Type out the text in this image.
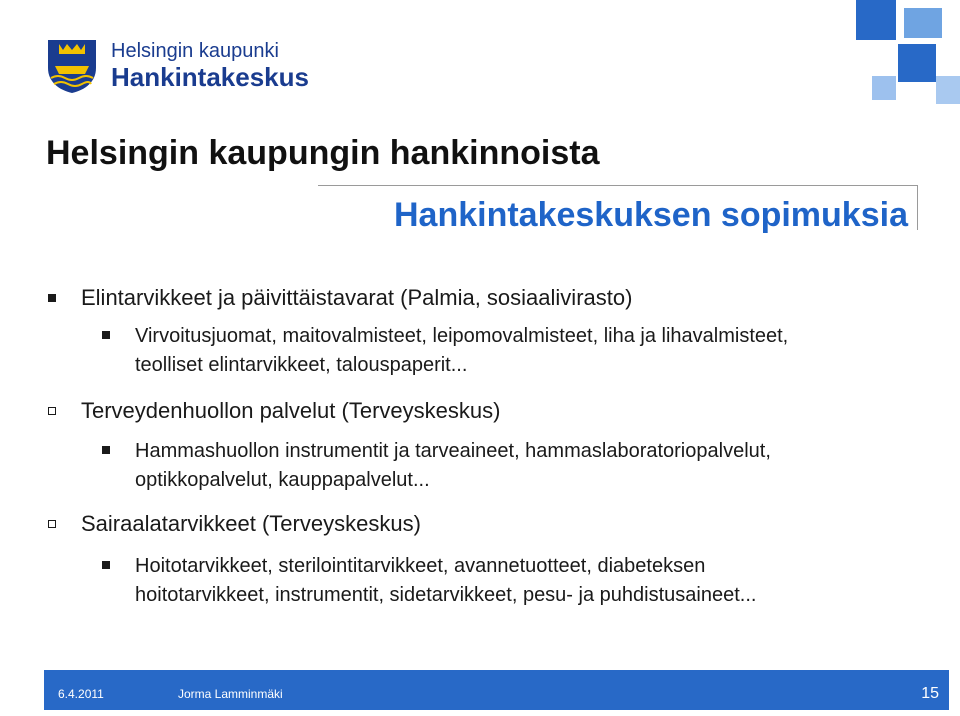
Helsingin kaupunki
Hankintakeskus
Helsingin kaupungin hankinnoista
Hankintakeskuksen sopimuksia
Elintarvikkeet ja päivittäistavarat (Palmia, sosiaalivirasto)
Virvoitusjuomat, maitovalmisteet, leipomovalmisteet, liha ja lihavalmisteet,
teolliset elintarvikkeet, talouspaperit...
Terveydenhuollon palvelut (Terveyskeskus)
Hammashuollon instrumentit ja tarveaineet, hammaslaboratoriopalvelut,
optikkopalvelut, kauppapalvelut...
Sairaalatarvikkeet (Terveyskeskus)
Hoitotarvikkeet, sterilointitarvikkeet, avannetuotteet, diabeteksen
hoitotarvikkeet, instrumentit, sidetarvikkeet, pesu- ja puhdistusaineet...
6.4.2011	Jorma Lamminmäki	15
